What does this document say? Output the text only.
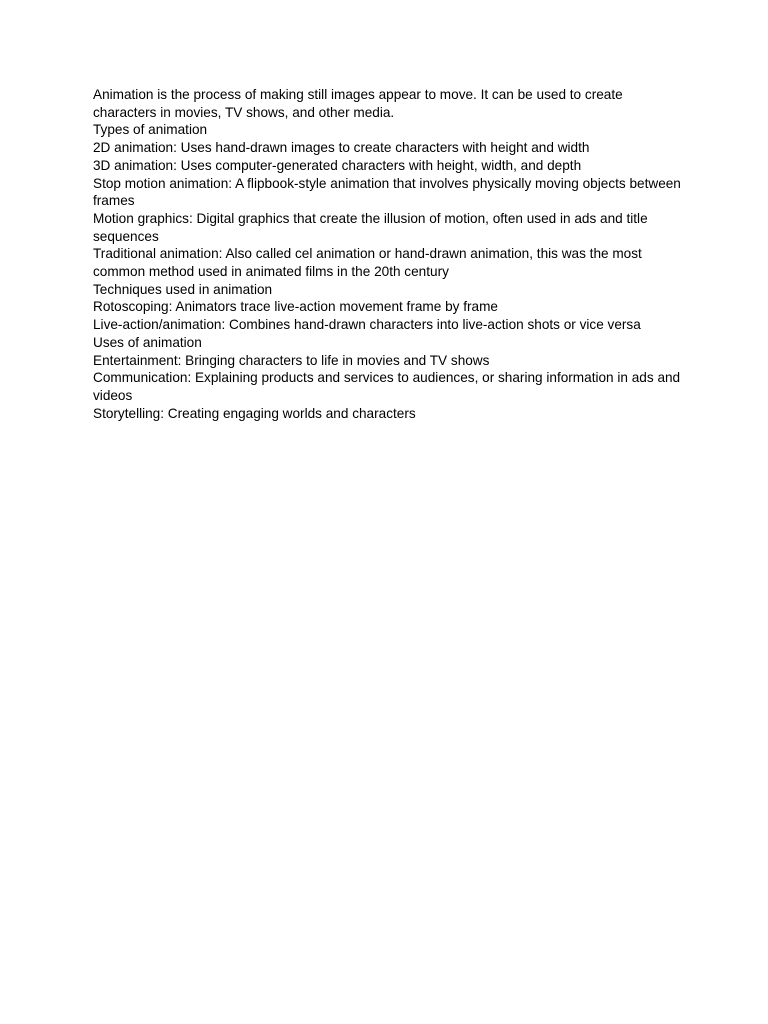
Animation is the process of making still images appear to move. It can be used to create characters in movies, TV shows, and other media.

Types of animation

2D animation: Uses hand-drawn images to create characters with height and width

3D animation: Uses computer-generated characters with height, width, and depth

Stop motion animation: A flipbook-style animation that involves physically moving objects between frames

Motion graphics: Digital graphics that create the illusion of motion, often used in ads and title sequences

Traditional animation: Also called cel animation or hand-drawn animation, this was the most common method used in animated films in the 20th century

Techniques used in animation

Rotoscoping: Animators trace live-action movement frame by frame

Live-action/animation: Combines hand-drawn characters into live-action shots or vice versa

Uses of animation

Entertainment: Bringing characters to life in movies and TV shows

Communication: Explaining products and services to audiences, or sharing information in ads and videos

Storytelling: Creating engaging worlds and characters
